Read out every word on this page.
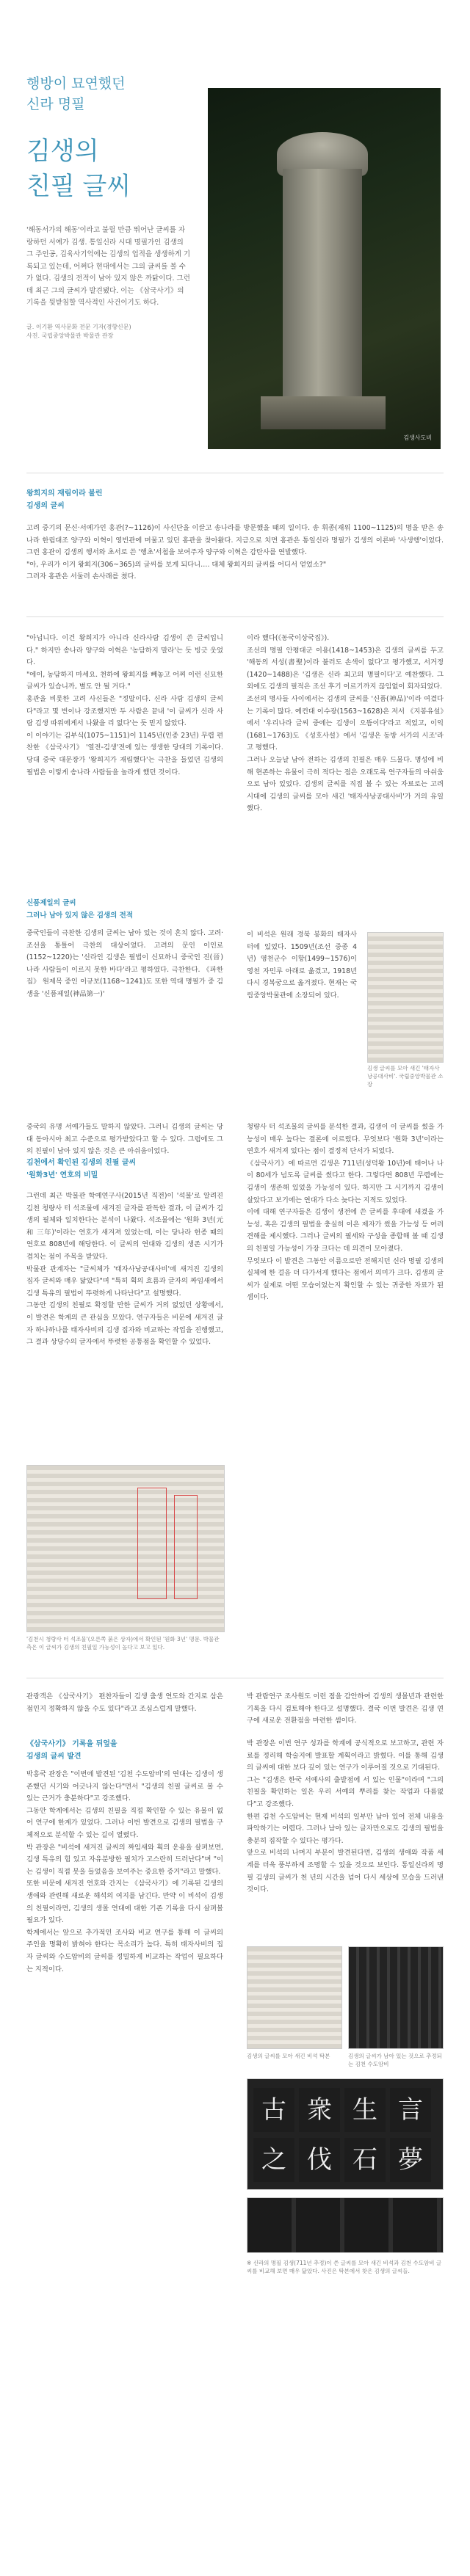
행방이 묘연했던

신라 명필

김생의
친필 글씨

'해동서가의 해동'이라고 불릴 만큼 뛰어난 글씨를 자랑하던 서예가 김생. 통일신라 시대 명필가인 김생의 그 주인공, 김육사기억에는 김생의 업적을 생생하게 기록되고 있는데, 어쩌다 현대에서는 그의 글씨를 볼 수가 없다. 김생의 전적이 남아 있지 않은 까닭이다. 그런데 최근 그의 글씨가 발견됐다. 이는 《삼국사기》의 기록을 뒷받침할 역사적인 사건이기도 하다.

글. 이기환 역사문화 전문 기자(경향신문)

사진. 국립중앙박물관 박물관 관장

김생사도비
왕희지의 재림이라 불린
김생의 글씨

고려 중기의 문신·서예가인 홍관(?~1126)이 사신단을 이끌고 송나라를 방문했을 때의 일이다. 송 휘종(재위 1100~1125)의 명을 받은 송나라 한림대조 양구와 이혁이 영빈관에 머물고 있던 홍관을 찾아왔다. 지금으로 치면 홍관은 통일신라 명필가 김생의 이른바 '사생행'이었다. 그런 홍관이 김생의 행서와 초서로 쓴 '행초'서첩을 보여주자 양구와 이혁은 감탄사를 연발했다.
"아, 우리가 이거 왕희지(306~365)의 글씨를 보게 되다니…. 대체 왕희지의 글씨를 어디서 얻었소?"
그러자 홍관은 서둘러 손사래를 쳤다.

"아닙니다. 이건 왕희지가 아니라 신라사람 김생이 쓴 글씨입니다." 하지만 송나라 양구와 이혁은 '농담하지 말라'는 듯 빙긋 웃었다.
"에이, 농담하지 마세요. 천하에 왕희지를 빼놓고 어찌 이런 신묘한 글씨가 있습니까, 별도 안 될 거다."
홍관을 비롯한 고려 사신들은 "정말이다. 신라 사람 김생의 글씨다"라고 몇 번이나 강조했지만 두 사람은 끝내 '이 글씨가 신라 사람 김생 따위에게서 나왔을 리 없다'는 듯 믿지 않았다.
이 이야기는 김부식(1075~1151)이 1145년(인종 23년) 무렵 편찬한 《삼국사기》 '열전-김생'전에 있는 생생한 당대의 기록이다. 당대 중국 대문장가 '왕희지가 재림했다'는 극찬을 들었던 김생의 필법은 이렇게 송나라 사람들을 놀라게 했던 것이다.

신품제일의 글씨
그러나 남아 있지 않은 김생의 전적

중국인들이 극찬한 김생의 글씨는 남아 있는 것이 흔치 않다. 고려·조선을 통틀어 극찬의 대상이었다. 고려의 문인 이인로(1152~1220)는 '신라인 김생은 필법이 신묘하니 중국인 진(晉)나라 사람들이 이르지 못한 바다'라고 평하였다. 극찬한다. 《파한집》 원제목 중인 이규보(1168~1241)도 또한 역대 명필가 중 김생을 '신품제일(神品第一)'

이라 했다(《동국이상국집》).
조선의 명필 안평대군 이용(1418~1453)은 김생의 글씨를 두고 '해동의 서성(書聖)이라 불러도 손색이 없다'고 평가했고, 서거정(1420~1488)은 '김생은 신라 최고의 명필이다'고 예찬했다. 그 외에도 김생의 필적은 조선 후기 이르기까지 끊임없이 회자되었다.
조선의 명사들 사이에서는 김생의 글씨를 '신품(神品)'이라 여겼다는 기록이 많다. 예컨대 이수광(1563~1628)은 저서 《지봉유설》에서 '우리나라 글씨 중에는 김생이 으뜸이다'라고 적었고, 이익(1681~1763)도 《성호사설》에서 '김생은 동방 서가의 시조'라고 평했다.
그러나 오늘날 남아 전하는 김생의 친필은 매우 드물다. 명성에 비해 현존하는 유물이 극히 적다는 점은 오래도록 연구자들의 아쉬움으로 남아 있었다. 김생의 글씨를 직접 볼 수 있는 자료로는 고려 시대에 김생의 글씨를 모아 새긴 '태자사낭공대사비'가 거의 유일했다.

이 비석은 원래 경북 봉화의 태자사 터에 있었다. 1509년(조선 중종 4년) 영천군수 이항(1499~1576)이 영천 자민루 아래로 옮겼고, 1918년 다시 경복궁으로 옮겨졌다. 현재는 국립중앙박물관에 소장되어 있다.

김생 글씨를 모아 새긴 '태자사낭공대사비'. 국립중앙박물관 소장

중국의 유명 서예가들도 말하지 않았다. 그러니 김생의 글씨는 당대 동아시아 최고 수준으로 평가받았다고 할 수 있다. 그럼에도 그의 친필이 남아 있지 않은 것은 큰 아쉬움이었다.

김천에서 확인된 김생의 친필 글씨
'원화3년' 연호의 비밀

그런데 최근 박물관 학예연구사(2015년 직전)이 '석불'로 알려진 김천 청량사 터 석조물에 새겨진 글자를 판독한 결과, 이 글씨가 김생의 필체와 일치한다는 분석이 나왔다. 석조물에는 '원화 3년(元和 三年)'이라는 연호가 새겨져 있었는데, 이는 당나라 헌종 때의 연호로 808년에 해당한다. 이 글씨의 연대와 김생의 생존 시기가 겹치는 점이 주목을 받았다.
박물관 관계자는 "글씨체가 '태자사낭공대사비'에 새겨진 김생의 집자 글씨와 매우 닮았다"며 "특히 획의 흐름과 글자의 짜임새에서 김생 특유의 필법이 뚜렷하게 나타난다"고 설명했다.
그동안 김생의 친필로 확정할 만한 글씨가 거의 없었던 상황에서, 이 발견은 학계의 큰 관심을 모았다. 연구자들은 비문에 새겨진 글자 하나하나를 태자사비의 김생 집자와 비교하는 작업을 진행했고, 그 결과 상당수의 글자에서 뚜렷한 공통점을 확인할 수 있었다.

청량사 터 석조물의 글씨를 분석한 결과, 김생이 이 글씨를 썼을 가능성이 매우 높다는 결론에 이르렀다. 무엇보다 '원화 3년'이라는 연호가 새겨져 있다는 점이 결정적 단서가 되었다.
《삼국사기》에 따르면 김생은 711년(성덕왕 10년)에 태어나 나이 80세가 넘도록 글씨를 썼다고 한다. 그렇다면 808년 무렵에는 김생이 생존해 있었을 가능성이 있다. 하지만 그 시기까지 김생이 살았다고 보기에는 연대가 다소 늦다는 지적도 있었다.
이에 대해 연구자들은 김생이 생전에 쓴 글씨를 후대에 새겼을 가능성, 혹은 김생의 필법을 충실히 이은 제자가 썼을 가능성 등 여러 견해를 제시했다. 그러나 글씨의 필세와 구성을 종합해 볼 때 김생의 친필일 가능성이 가장 크다는 데 의견이 모아졌다.
무엇보다 이 발견은 그동안 이름으로만 전해지던 신라 명필 김생의 실체에 한 걸음 더 다가서게 했다는 점에서 의미가 크다. 김생의 글씨가 실제로 어떤 모습이었는지 확인할 수 있는 귀중한 자료가 된 셈이다.

'김천시 청량사 터 석조물'(오른쪽 붉은 상자)에서 확인된 '원화 3년' 명문. 박물관 측은 이 글씨가 김생의 친필일 가능성이 높다고 보고 있다.

관광객은 《삼국사기》 편찬자들이 김생 출생 연도와 간지로 삼은 점인지 정확하지 않을 수도 있다"라고 조심스럽게 말했다.

박 관람연구 조사원도 이런 점을 감안하여 김생의 생몰년과 관련한 기록을 다시 검토해야 한다고 설명했다. 결국 이번 발견은 김생 연구에 새로운 전환점을 마련한 셈이다.

《삼국사기》 기록을 뒤엎을
김생의 글씨 발견

박흥국 관장은 "이번에 발견된 '김천 수도암비'의 연대는 김생이 생존했던 시기와 어긋나지 않는다"면서 "김생의 친필 글씨로 볼 수 있는 근거가 충분하다"고 강조했다.
그동안 학계에서는 김생의 친필을 직접 확인할 수 있는 유물이 없어 연구에 한계가 있었다. 그러나 이번 발견으로 김생의 필법을 구체적으로 분석할 수 있는 길이 열렸다.
박 관장은 "비석에 새겨진 글씨의 짜임새와 획의 운용을 살펴보면, 김생 특유의 힘 있고 자유분방한 필치가 고스란히 드러난다"며 "이는 김생이 직접 붓을 들었음을 보여주는 중요한 증거"라고 말했다.
또한 비문에 새겨진 연호와 간지는 《삼국사기》에 기록된 김생의 생애와 관련해 새로운 해석의 여지를 남긴다. 만약 이 비석이 김생의 친필이라면, 김생의 생몰 연대에 대한 기존 기록을 다시 살펴볼 필요가 있다.
학계에서는 앞으로 추가적인 조사와 비교 연구를 통해 이 글씨의 주인을 명확히 밝혀야 한다는 목소리가 높다. 특히 태자사비의 집자 글씨와 수도암비의 글씨를 정밀하게 비교하는 작업이 필요하다는 지적이다.

박 관장은 이번 연구 성과를 학계에 공식적으로 보고하고, 관련 자료를 정리해 학술지에 발표할 계획이라고 밝혔다. 이를 통해 김생의 글씨에 대한 보다 깊이 있는 연구가 이루어질 것으로 기대된다.
그는 "김생은 한국 서예사의 출발점에 서 있는 인물"이라며 "그의 친필을 확인하는 일은 우리 서예의 뿌리를 찾는 작업과 다름없다"고 강조했다.
한편 김천 수도암비는 현재 비석의 일부만 남아 있어 전체 내용을 파악하기는 어렵다. 그러나 남아 있는 글자만으로도 김생의 필법을 충분히 짐작할 수 있다는 평가다.
앞으로 비석의 나머지 부분이 발견된다면, 김생의 생애와 작품 세계를 더욱 풍부하게 조명할 수 있을 것으로 보인다. 통일신라의 명필 김생의 글씨가 천 년의 시간을 넘어 다시 세상에 모습을 드러낸 것이다.

김생의 글씨를 모아 새긴 비석 탁본	김생의 글씨가 남아 있는 것으로 추정되는 김천 수도암비

古 衆 生 言
之 伐 石 夢

※ 신라의 명필 김생(711년 추정)이 쓴 글씨를 모아 새긴 비석과 김천 수도암비 글씨를 비교해 보면 매우 닮았다. 사진은 탁본에서 찾은 김생의 글씨들.
